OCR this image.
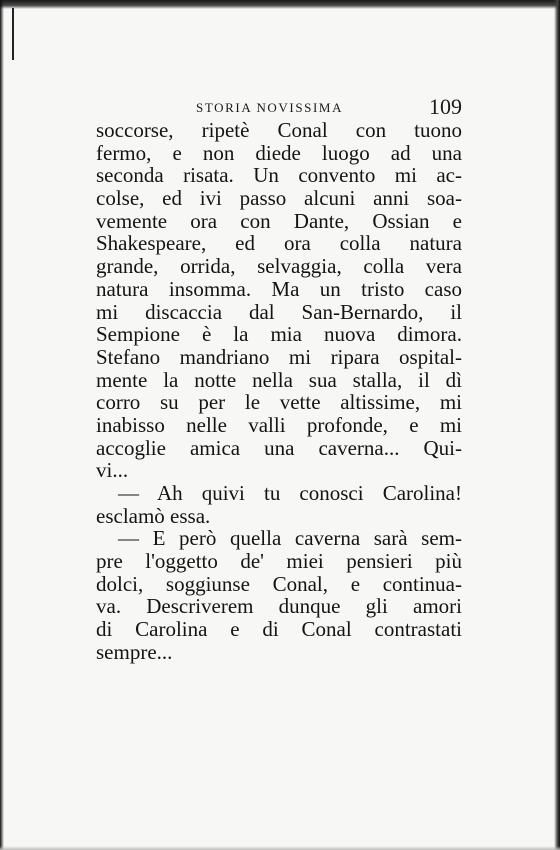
STORIA NOVISSIMA	109
soccorse, ripetè Conal con tuono
fermo, e non diede luogo ad una
seconda risata. Un convento mi ac-
colse, ed ivi passo alcuni anni soa-
vemente ora con Dante, Ossian e
Shakespeare, ed ora colla natura
grande, orrida, selvaggia, colla vera
natura insomma. Ma un tristo caso
mi discaccia dal San-Bernardo, il
Sempione è la mia nuova dimora.
Stefano mandriano mi ripara ospital-
mente la notte nella sua stalla, il dì
corro su per le vette altissime, mi
inabisso nelle valli profonde, e mi
accoglie amica una caverna... Qui-
vi...
— Ah quivi tu conosci Carolina!
esclamò essa.
— E però quella caverna sarà sem-
pre l'oggetto de' miei pensieri più
dolci, soggiunse Conal, e continua-
va. Descriverem dunque gli amori
di Carolina e di Conal contrastati
sempre...
